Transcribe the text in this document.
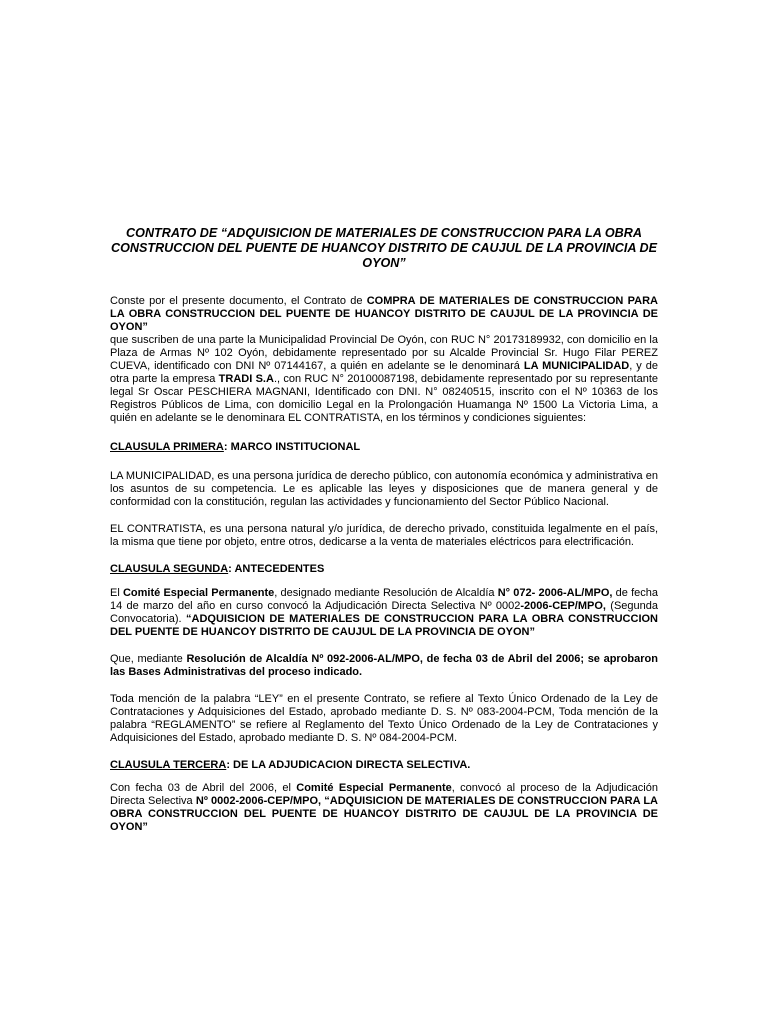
CONTRATO DE “ADQUISICION DE MATERIALES DE CONSTRUCCION PARA LA OBRA CONSTRUCCION DEL PUENTE DE HUANCOY DISTRITO DE CAUJUL DE LA PROVINCIA DE OYON”

Conste por el presente documento, el Contrato de COMPRA DE MATERIALES DE CONSTRUCCION PARA LA OBRA CONSTRUCCION DEL PUENTE DE HUANCOY DISTRITO DE CAUJUL DE LA PROVINCIA DE OYON”
que suscriben de una parte la Municipalidad Provincial De Oyón, con RUC N° 20173189932, con domicilio en la Plaza de Armas Nº 102 Oyón, debidamente representado por su Alcalde Provincial Sr. Hugo Filar PEREZ CUEVA, identificado con DNI Nº 07144167, a quién en adelante se le denominará LA MUNICIPALIDAD, y de otra parte la empresa TRADI S.A., con RUC N° 20100087198, debidamente representado por su representante legal Sr Oscar PESCHIERA MAGNANI, Identificado con DNI. N° 08240515, inscrito con el Nº 10363 de los Registros Públicos de Lima, con domicilio Legal en la Prolongación Huamanga Nº 1500 La Victoria Lima, a quién en adelante se le denominara EL CONTRATISTA, en los términos y condiciones siguientes:

CLAUSULA PRIMERA: MARCO INSTITUCIONAL

LA MUNICIPALIDAD, es una persona jurídica de derecho público, con autonomía económica y administrativa en los asuntos de su competencia. Le es aplicable las leyes y disposiciones que de manera general y de conformidad con la constitución, regulan las actividades y funcionamiento del Sector Público Nacional.

EL CONTRATISTA, es una persona natural y/o jurídica, de derecho privado, constituida legalmente en el país, la misma que tiene por objeto, entre otros, dedicarse a la venta de materiales eléctricos para electrificación.

CLAUSULA SEGUNDA: ANTECEDENTES

El Comité Especial Permanente, designado mediante Resolución de Alcaldía N° 072- 2006-AL/MPO, de fecha 14 de marzo del año en curso convocó la Adjudicación Directa Selectiva Nº 0002-2006-CEP/MPO, (Segunda Convocatoria). “ADQUISICION DE MATERIALES DE CONSTRUCCION PARA LA OBRA CONSTRUCCION DEL PUENTE DE HUANCOY DISTRITO DE CAUJUL DE LA PROVINCIA DE OYON”

Que, mediante Resolución de Alcaldía Nº 092-2006-AL/MPO, de fecha 03 de Abril del 2006; se aprobaron las Bases Administrativas del proceso indicado.

Toda mención de la palabra “LEY” en el presente Contrato, se refiere al Texto Único Ordenado de la Ley de Contrataciones y Adquisiciones del Estado, aprobado mediante D. S. Nº 083-2004-PCM, Toda mención de la palabra “REGLAMENTO” se refiere al Reglamento del Texto Único Ordenado de la Ley de Contrataciones y Adquisiciones del Estado, aprobado mediante D. S. Nº 084-2004-PCM.

CLAUSULA TERCERA: DE LA ADJUDICACION DIRECTA SELECTIVA.

Con fecha 03 de Abril del 2006, el Comité Especial Permanente, convocó al proceso de la Adjudicación Directa Selectiva Nº 0002-2006-CEP/MPO, “ADQUISICION DE MATERIALES DE CONSTRUCCION PARA LA OBRA CONSTRUCCION DEL PUENTE DE HUANCOY DISTRITO DE CAUJUL DE LA PROVINCIA DE OYON”
